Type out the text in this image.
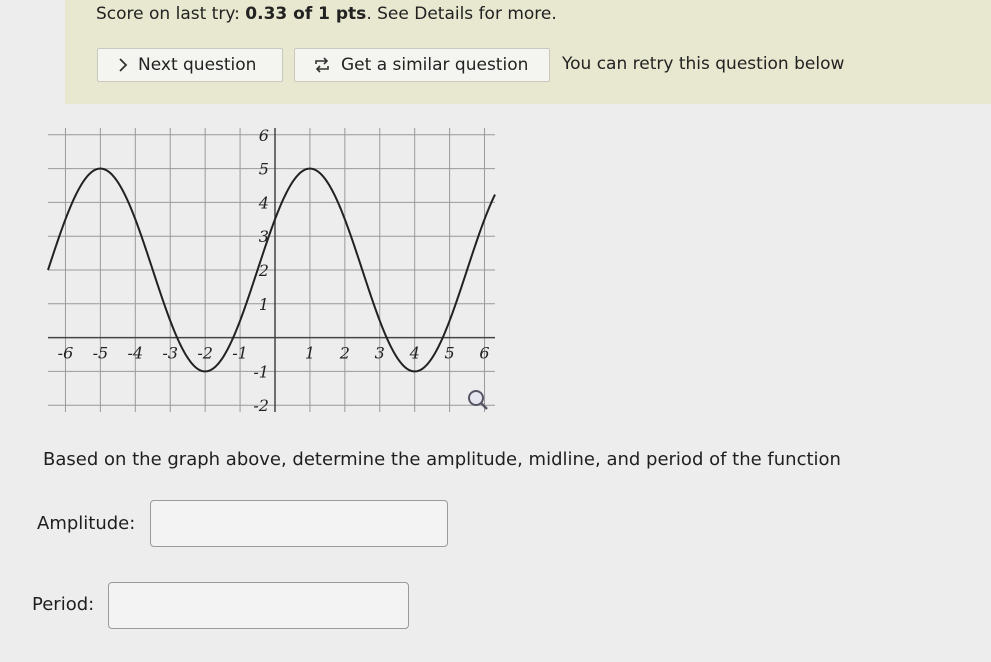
Score on last try: 0.33 of 1 pts. See Details for more.
Next question	Get a similar question You can retry this question below
-6 -5 -4 -3 -2 -1	1 2 3 4 5 6
6
5
4
3
2
1
-1
-2
Based on the graph above, determine the amplitude, midline, and period of the function
Amplitude:
Period:
